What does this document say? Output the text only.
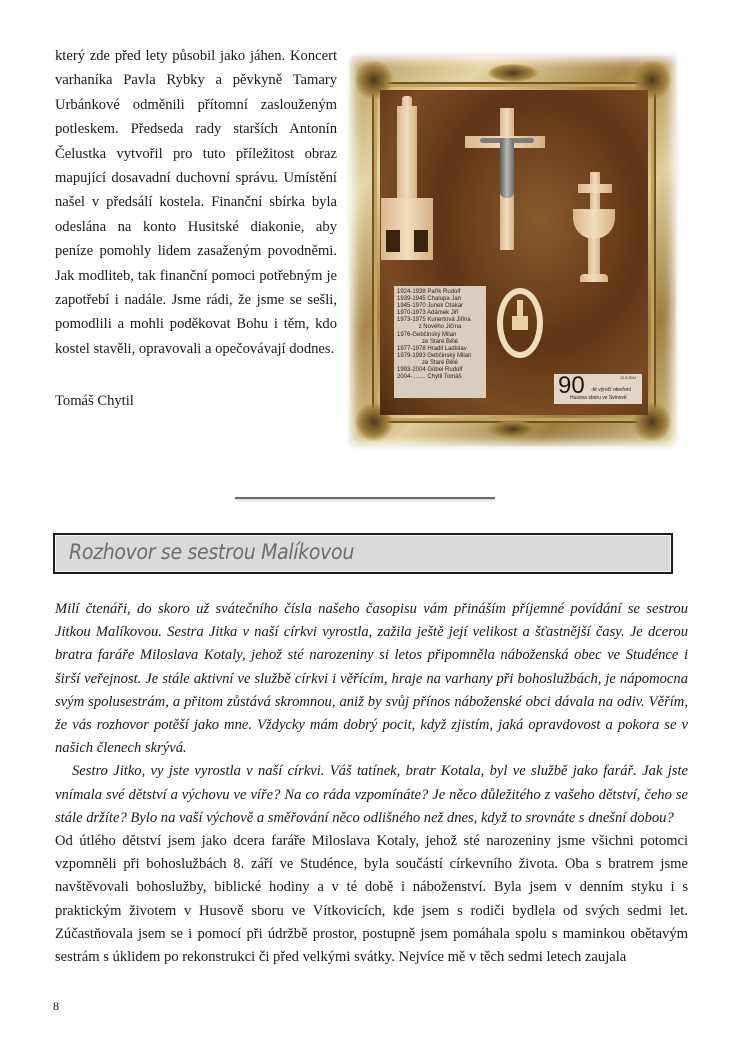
který zde před lety působil jako jáhen. Koncert varhaníka Pavla Rybky a pěvkyně Tamary Urbánkové odměnili přítomní zaslouženým potleskem. Předseda rady starších Antonín Čelustka vytvořil pro tuto příležitost obraz mapující dosavadní duchovní správu. Umístění našel v předsálí kostela. Finanční sbírka byla odeslána na konto Husitské diakonie, aby peníze pomohly lidem zasaženým povodněmi. Jak modliteb, tak finanční pomoci potřebným je zapotřebí i nadále. Jsme rádi, že jsme se sešli, pomodlili a mohli poděkovat Bohu i těm, kdo kostel stavěli, opravovali a opečovávají dodnes.

Tomáš Chytil
1924-1938 Pařík Rudolf
1939-1945 Chalupa Jan
1945-1970 Junek Otakar
1970-1973 Adámek Jiří
1973-1975 Kunertová Jiřina
z Nového Jičína
1976-Gebčinský Milan
ze Staré Bělé
1977-1978 Hradil Ladislav
1979-1993 Gebčinský Milan
ze Staré Bělé
1993-2004 Göbel Rudolf
2004-........ Chytil Tomáš	90	22.9.2004
-té výročí otevření
Husova sboru ve Svinově
Rozhovor se sestrou Malíkovou

Milí čtenáři, do skoro už svátečního čísla našeho časopisu vám přináším příjemné povídání se sestrou Jitkou Malíkovou. Sestra Jitka v naší církvi vyrostla, zažila ještě její velikost a šťastnější časy. Je dcerou bratra faráře Miloslava Kotaly, jehož sté narozeniny si letos připomněla náboženská obec ve Studénce i širší veřejnost. Je stále aktivní ve službě církvi i věřícím, hraje na varhany při bohoslužbách, je nápomocna svým spolusestrám, a přitom zůstává skromnou, aniž by svůj přínos náboženské obci dávala na odiv. Věřím, že vás rozhovor potěší jako mne. Vždycky mám dobrý pocit, když zjistím, jaká opravdovost a pokora se v našich členech skrývá.

Sestro Jitko, vy jste vyrostla v naší církvi. Váš tatínek, bratr Kotala, byl ve službě jako farář. Jak jste vnímala své dětství a výchovu ve víře? Na co ráda vzpomínáte? Je něco důležitého z vašeho dětství, čeho se stále držíte? Bylo na vaší výchově a směřování něco odlišného než dnes, když to srovnáte s dnešní dobou?

Od útlého dětství jsem jako dcera faráře Miloslava Kotaly, jehož sté narozeniny jsme všichni potomci vzpomněli při bohoslužbách 8. září ve Studénce, byla součástí církevního života. Oba s bratrem jsme navštěvovali bohoslužby, biblické hodiny a v té době i náboženství. Byla jsem v denním styku i s praktickým životem v Husově sboru ve Vítkovicích, kde jsem s rodiči bydlela od svých sedmi let. Zúčastňovala jsem se i pomocí při údržbě prostor, postupně jsem pomáhala spolu s maminkou obětavým sestrám s úklidem po rekonstrukci či před velkými svátky. Nejvíce mě v těch sedmi letech zaujala

8
